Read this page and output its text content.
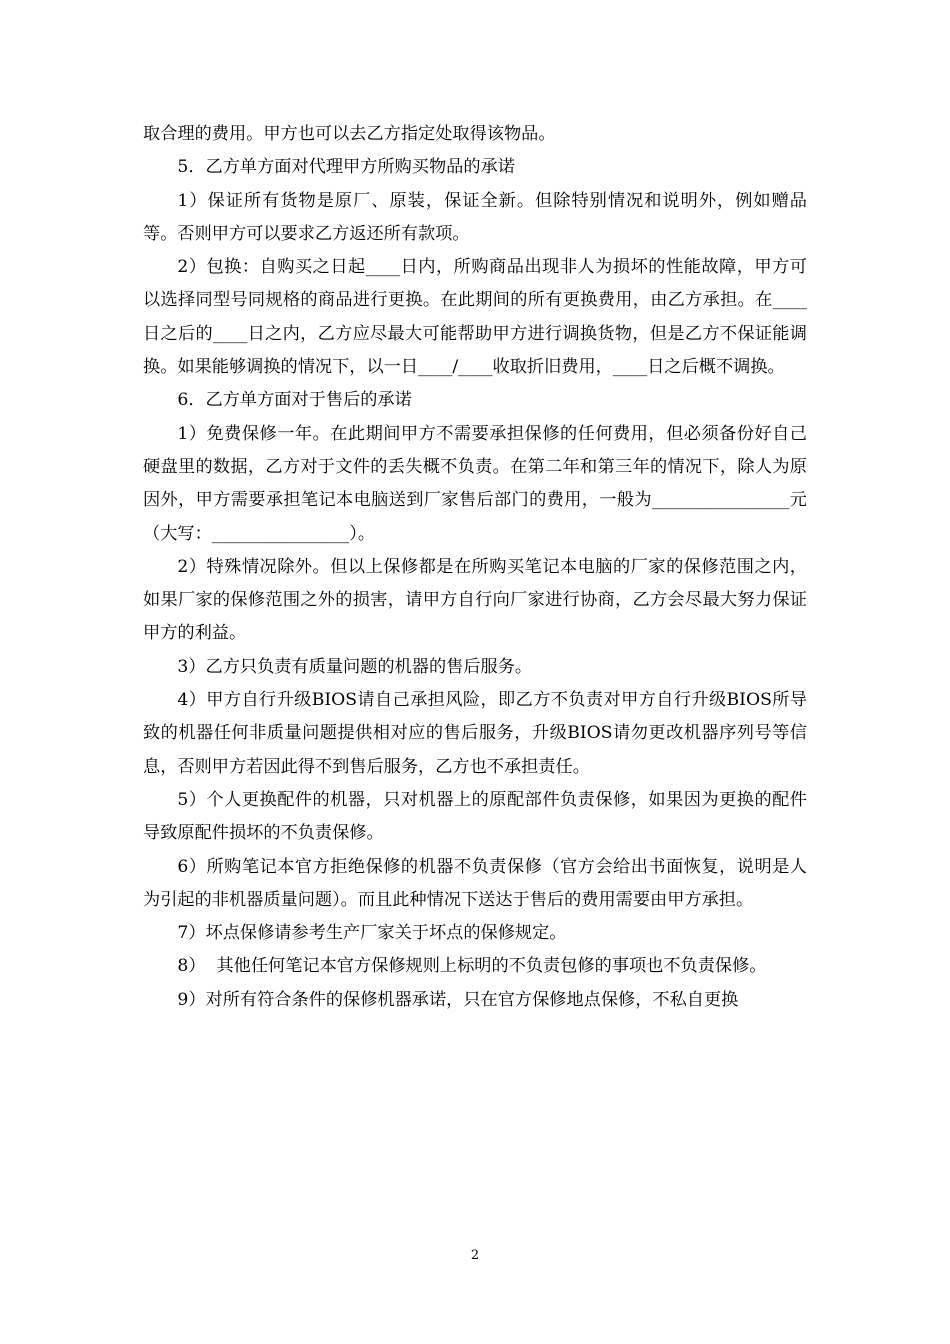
取合理的费用。甲方也可以去乙方指定处取得该物品。

5．乙方单方面对代理甲方所购买物品的承诺

1）保证所有货物是原厂、原装，保证全新。但除特别情况和说明外，例如赠品等。否则甲方可以要求乙方返还所有款项。

2）包换：自购买之日起____日内，所购商品出现非人为损坏的性能故障，甲方可以选择同型号同规格的商品进行更换。在此期间的所有更换费用，由乙方承担。在____日之后的____日之内，乙方应尽最大可能帮助甲方进行调换货物，但是乙方不保证能调换。如果能够调换的情况下，以一日____/____收取折旧费用，____日之后概不调换。

6．乙方单方面对于售后的承诺

1）免费保修一年。在此期间甲方不需要承担保修的任何费用，但必须备份好自己硬盘里的数据，乙方对于文件的丢失概不负责。在第二年和第三年的情况下，除人为原因外，甲方需要承担笔记本电脑送到厂家售后部门的费用，一般为________________元（大写：________________）。

2）特殊情况除外。但以上保修都是在所购买笔记本电脑的厂家的保修范围之内，如果厂家的保修范围之外的损害，请甲方自行向厂家进行协商，乙方会尽最大努力保证甲方的利益。

3）乙方只负责有质量问题的机器的售后服务。

4）甲方自行升级BIOS请自己承担风险，即乙方不负责对甲方自行升级BIOS所导致的机器任何非质量问题提供相对应的售后服务，升级BIOS请勿更改机器序列号等信息，否则甲方若因此得不到售后服务，乙方也不承担责任。

5）个人更换配件的机器，只对机器上的原配部件负责保修，如果因为更换的配件导致原配件损坏的不负责保修。

6）所购笔记本官方拒绝保修的机器不负责保修（官方会给出书面恢复，说明是人为引起的非机器质量问题）。而且此种情况下送达于售后的费用需要由甲方承担。

7）坏点保修请参考生产厂家关于坏点的保修规定。

8）  其他任何笔记本官方保修规则上标明的不负责包修的事项也不负责保修。

9）对所有符合条件的保修机器承诺，只在官方保修地点保修，不私自更换

2
